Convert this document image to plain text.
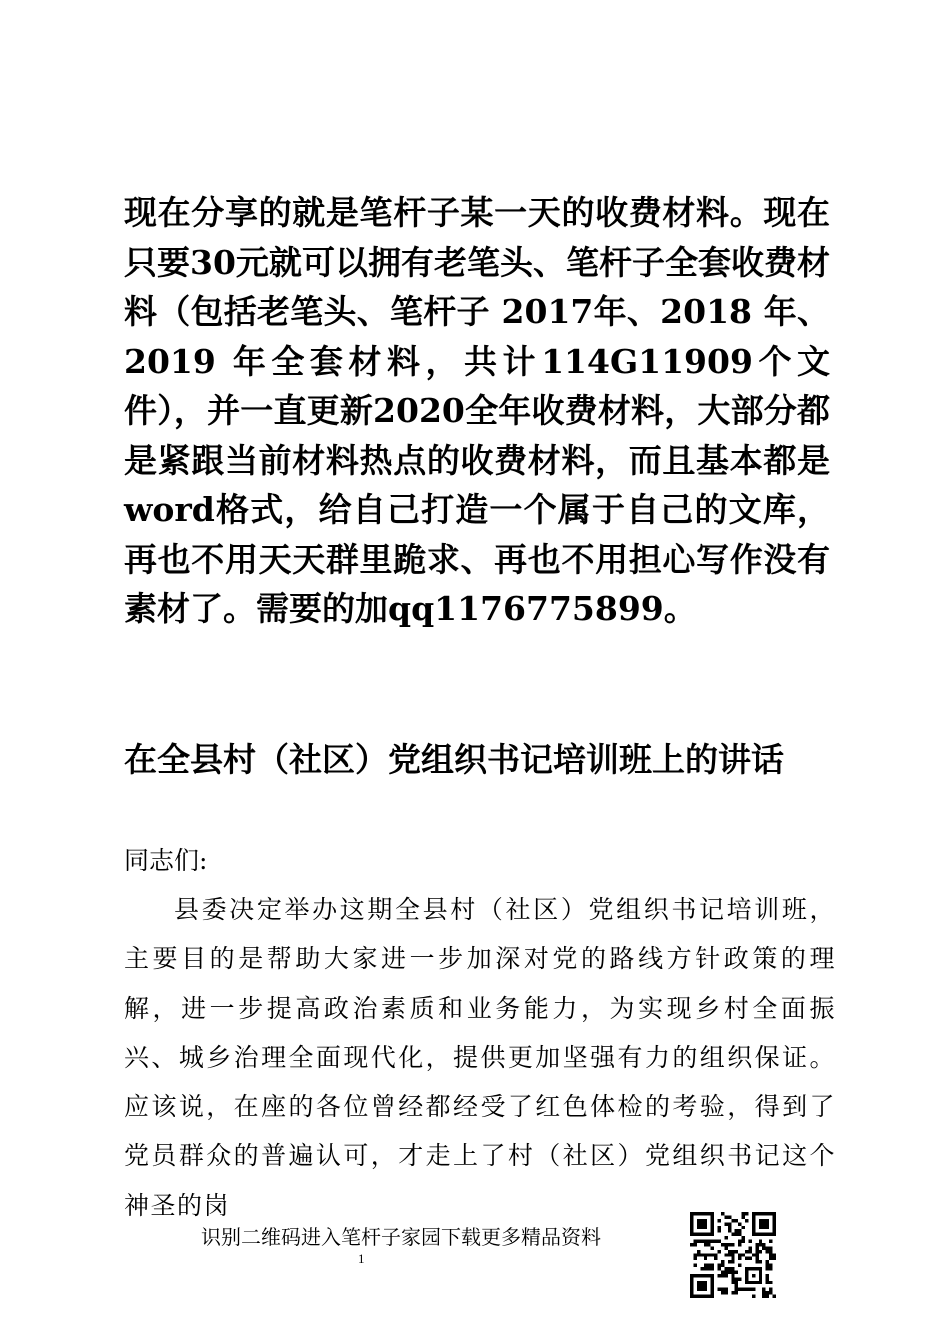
现在分享的就是笔杆子某一天的收费材料。现在只要30元就可以拥有老笔头、笔杆子全套收费材料（包括老笔头、笔杆子 2017年、2018 年、2019 年全套材料，共计114G11909个文件），并一直更新2020全年收费材料，大部分都是紧跟当前材料热点的收费材料，而且基本都是word格式，给自己打造一个属于自己的文库，再也不用天天群里跪求、再也不用担心写作没有素材了。需要的加qq1176775899。
在全县村（社区）党组织书记培训班上的讲话
同志们:
县委决定举办这期全县村（社区）党组织书记培训班，主要目的是帮助大家进一步加深对党的路线方针政策的理解，进一步提高政治素质和业务能力，为实现乡村全面振兴、城乡治理全面现代化，提供更加坚强有力的组织保证。应该说，在座的各位曾经都经受了红色体检的考验，得到了党员群众的普遍认可，才走上了村（社区）党组织书记这个神圣的岗
识别二维码进入笔杆子家园下载更多精品资料
1
